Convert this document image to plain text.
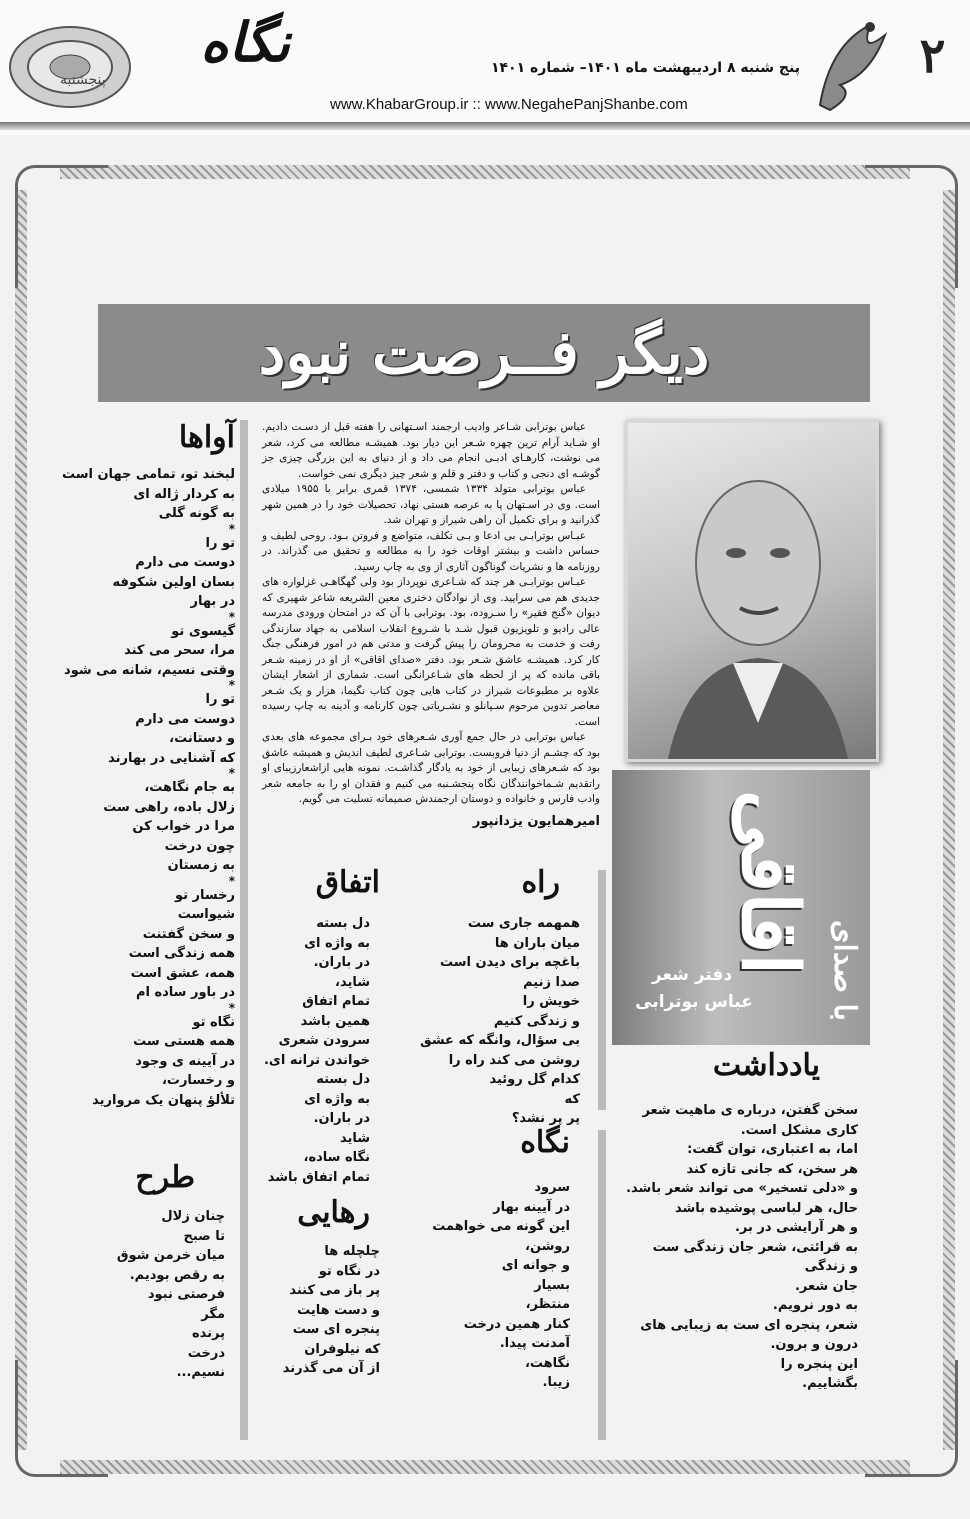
نگاه
پنجشنبه
پنج شنبه ۸ اردیبهشت ماه ۱۴۰۱– شماره ۱۴۰۱
www.KhabarGroup.ir :: www.NegahePanjShanbe.com
۲
دیگر فــرصت نبود

عباس بوترابی شـاعر وادیب ارجمند اسـتهانی را هفته قبل از دسـت دادیم. او شـاید آرام ترین چهره شـعر این دیار بود. همیشـه مطالعه می کرد، شعر می نوشت، کارهـای ادبـی انجام می داد و از دنیای به این بزرگی چیزی جز گوشـه ای دنجی و کتاب و دفتر و قلم و شعر چیز دیگری نمی خواست.

عباس بوترابی متولد ۱۳۳۴ شمسی، ۱۳۷۴ قمری برابر با ۱۹۵۵ میلادی است. وی در اسـتهان پا به عرصه هستی نهاد، تحصیلات خود را در همین شهر گذرانید و برای تکمیل آن راهی شیراز و تهران شد.

عبـاس بوترابـی بی ادعا و بـی تکلف، متواضع و فروتن بـود. روحی لطیف و حساس داشت و بیشتر اوقات خود را به مطالعه و تحقیق می گذراند. در روزنامه ها و نشریات گوناگون آثاری از وی به چاپ رسید.

عبـاس بوترابـی هر چند که شـاعری نوپرداز بود ولی گهگاهـی غزلواره های جدیدی هم می سرایید. وی از نوادگان دختری معین الشریعه شاعر شهیری که دیوان «گنج فقیر» را سـروده، بود. بوترابی با آن که در امتحان ورودی مدرسه عالی رادیو و تلویزیون قبول شـد با شـروع انقلاب اسلامی به جهاد سازندگی رفت و خدمت به محرومان را پیش گرفت و مدتی هم در امور فرهنگی جنگ کار کرد. همیشـه عاشق شـعر بود. دفتر «صدای اقاقی» از او در زمینه شـعر باقی مانده که پر از لحظه های شـاعرانگی است. شماری از اشعار ایشان علاوه بر مطبوعات شیراز در کتاب هایی چون کتاب نگیما، هزار و یک شـعر معاصر تدوین مرحوم سـپانلو و نشـریاتی چون کارنامه و آدینه به چاپ رسیده است.

عباس بوترابی در حال جمع آوری شـعرهای خود بـرای مجموعه های بعدی بود که چشـم از دنیا فروبست. بوترابی شـاعری لطیف اندیش و همیشه عاشق بود که شـعرهای زیبایی از خود به یادگار گذاشـت. نمونه هایی ازاشعارزیبای او راتقدیم شـماخوانندگان نگاه پنجشـنبه می کنیم و فقدان او را به جامعه شعر وادب فارس و خانواده و دوستان ارجمندش صمیمانه تسلیت می گویم.

امیرهمایون یزدانپور
با صدای
اقاقی
دفتر شعر
عباس بوترابی
آواها
لبخند تو، تمامی جهان است
به کردار ژاله ای
به گونه گلی
*
تو را
دوست می دارم
بسان اولین شکوفه
در بهار
*
گیسوی تو
مرا، سحر می کند
وقتی نسیم، شانه می شود
*
تو را
دوست می دارم
و دستانت،
که آشنایی در بهارند
*
به جام نگاهت،
زلال باده، راهی ست
مرا در خواب کن
چون درخت
به زمستان
*
رخسار تو
شیواست
و سخن گفتنت
همه زندگی است
همه، عشق است
در باور ساده ام
*
نگاه تو
همه هستی ست
در آیینه ی وجود
و رخسارت،
تلألؤ پنهان یک مروارید
طرح
چنان زلال
تا صبح
میان خرمن شوق
به رقص بودیم.
فرصتی نبود
مگر
پرنده
درخت
نسیم...
اتفاق
دل بسته
به واژه ای
در باران.
شاید،
تمام اتفاق
همین باشد
سرودن شعری
خواندن ترانه ای.
دل بسته
به واژه ای
در باران.
شاید
نگاه ساده،
تمام اتفاق باشد
راه
همهمه جاری ست
میان باران ها
باغچه برای دیدن است
صدا زنیم
خویش را
و زندگی کنیم
بی سؤال، وانگه که عشق
روشن می کند راه را
کدام گل روئید
که
پر پر نشد؟
رهایی
چلچله ها
در نگاه تو
پر باز می کنند
و دست هایت
پنجره ای ست
که نیلوفران
از آن می گذرند
نگاه
سرود
در آیینه بهار
این گونه می خواهمت
روشن،
و جوانه ای
بسیار
منتظر،
کنار همین درخت
آمدنت پیدا.
نگاهت،
زیبا.
یادداشت
سخن گفتن، درباره ی ماهیت شعر
کاری مشکل است.
اما، به اعتباری، توان گفت:
هر سخن، که جانی تازه کند
و «دلی تسخیر» می تواند شعر باشد.
حال، هر لباسی پوشیده باشد
و هر آرایشی در بر.
به قرائتی، شعر جان زندگی ست
و زندگی
جان شعر.
به دور نرویم.
شعر، پنجره ای ست به زیبایی های
درون و برون.
این پنجره را
بگشاییم.
